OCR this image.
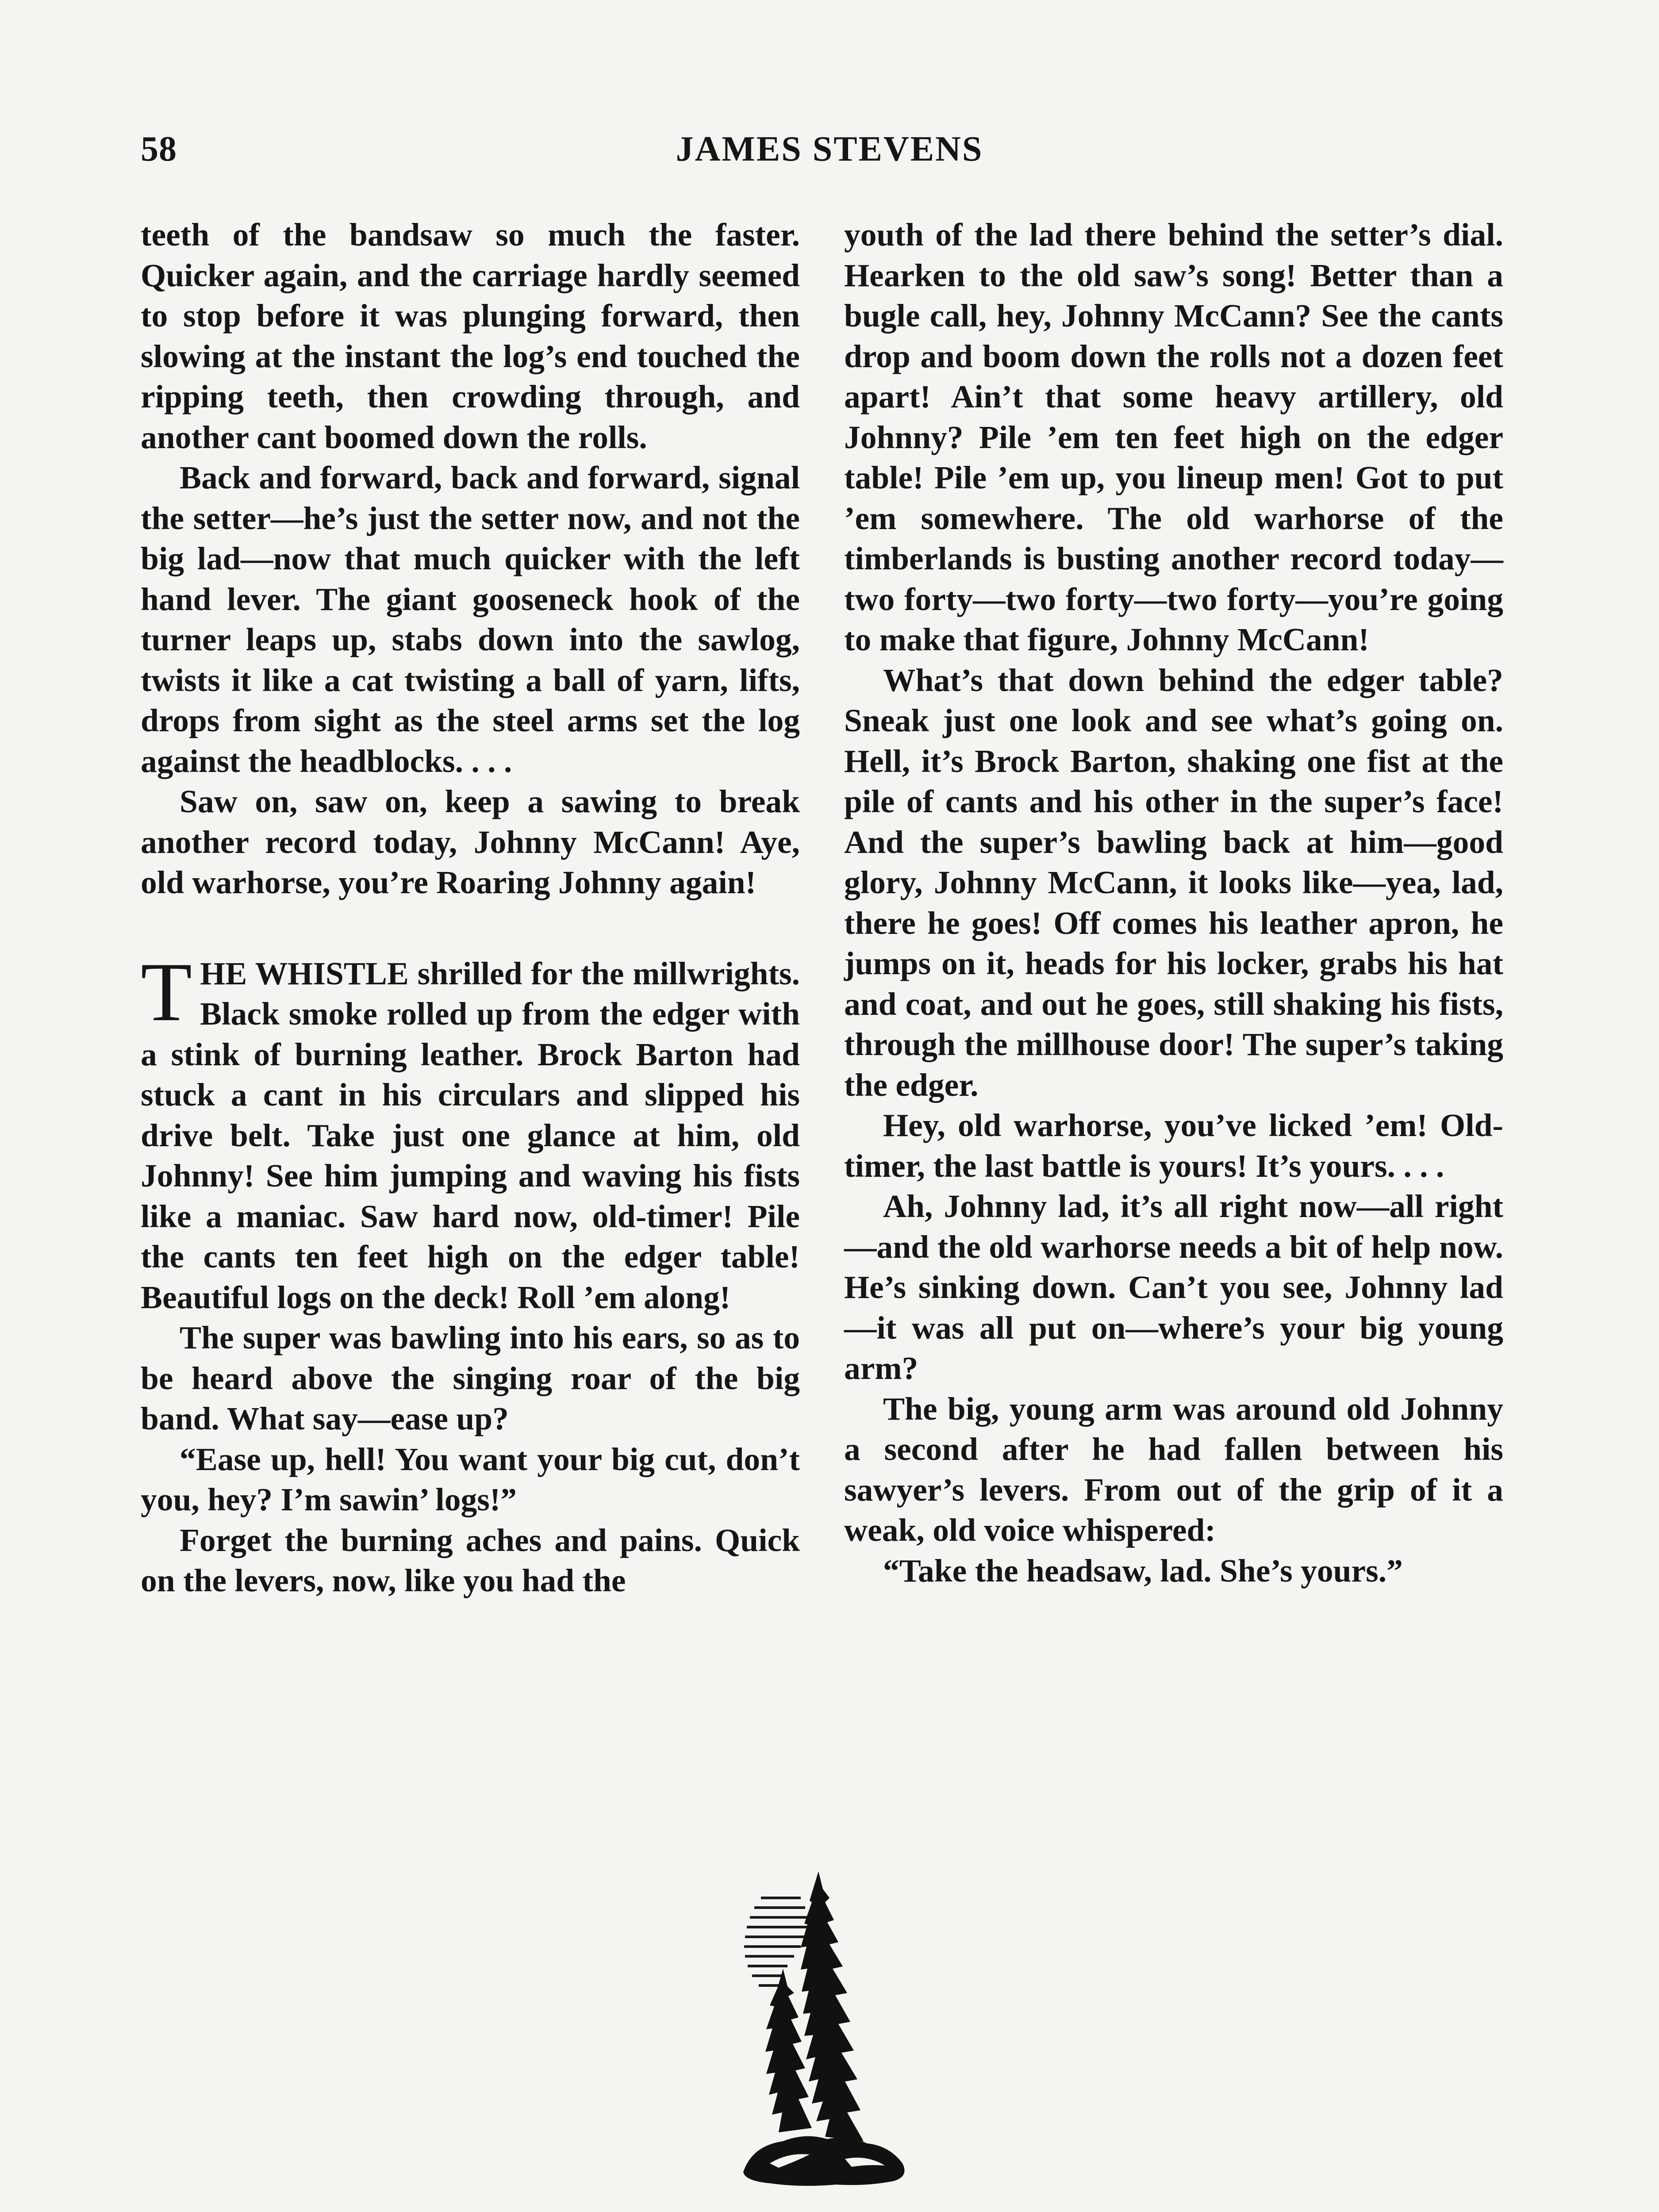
58	JAMES STEVENS

teeth of the bandsaw so much the faster. Quicker again, and the carriage hardly seemed to stop before it was plunging forward, then slowing at the instant the log’s end touched the ripping teeth, then crowding through, and another cant boomed down the rolls.

Back and forward, back and forward, signal the setter—he’s just the setter now, and not the big lad—now that much quicker with the left hand lever. The giant gooseneck hook of the turner leaps up, stabs down into the sawlog, twists it like a cat twisting a ball of yarn, lifts, drops from sight as the steel arms set the log against the headblocks. . . .

Saw on, saw on, keep a sawing to break another record today, Johnny McCann! Aye, old warhorse, you’re Roaring Johnny again!

THE WHISTLE shrilled for the millwrights. Black smoke rolled up from the edger with a stink of burning leather. Brock Barton had stuck a cant in his circulars and slipped his drive belt. Take just one glance at him, old Johnny! See him jumping and waving his fists like a maniac. Saw hard now, old-timer! Pile the cants ten feet high on the edger table! Beautiful logs on the deck! Roll ’em along!

The super was bawling into his ears, so as to be heard above the singing roar of the big band. What say—ease up?

“Ease up, hell! You want your big cut, don’t you, hey? I’m sawin’ logs!”

Forget the burning aches and pains. Quick on the levers, now, like you had the

youth of the lad there behind the setter’s dial. Hearken to the old saw’s song! Better than a bugle call, hey, Johnny McCann? See the cants drop and boom down the rolls not a dozen feet apart! Ain’t that some heavy artillery, old Johnny? Pile ’em ten feet high on the edger table! Pile ’em up, you lineup men! Got to put ’em somewhere. The old warhorse of the timberlands is busting another record today—two forty—two forty—two forty—you’re going to make that figure, Johnny McCann!

What’s that down behind the edger table? Sneak just one look and see what’s going on. Hell, it’s Brock Barton, shaking one fist at the pile of cants and his other in the super’s face! And the super’s bawling back at him—good glory, Johnny McCann, it looks like—yea, lad, there he goes! Off comes his leather apron, he jumps on it, heads for his locker, grabs his hat and coat, and out he goes, still shaking his fists, through the millhouse door! The super’s taking the edger.

Hey, old warhorse, you’ve licked ’em! Old-timer, the last battle is yours! It’s yours. . . .

Ah, Johnny lad, it’s all right now—all right—and the old warhorse needs a bit of help now. He’s sinking down. Can’t you see, Johnny lad—it was all put on—where’s your big young arm?

The big, young arm was around old Johnny a second after he had fallen between his sawyer’s levers. From out of the grip of it a weak, old voice whispered:

“Take the headsaw, lad. She’s yours.”
